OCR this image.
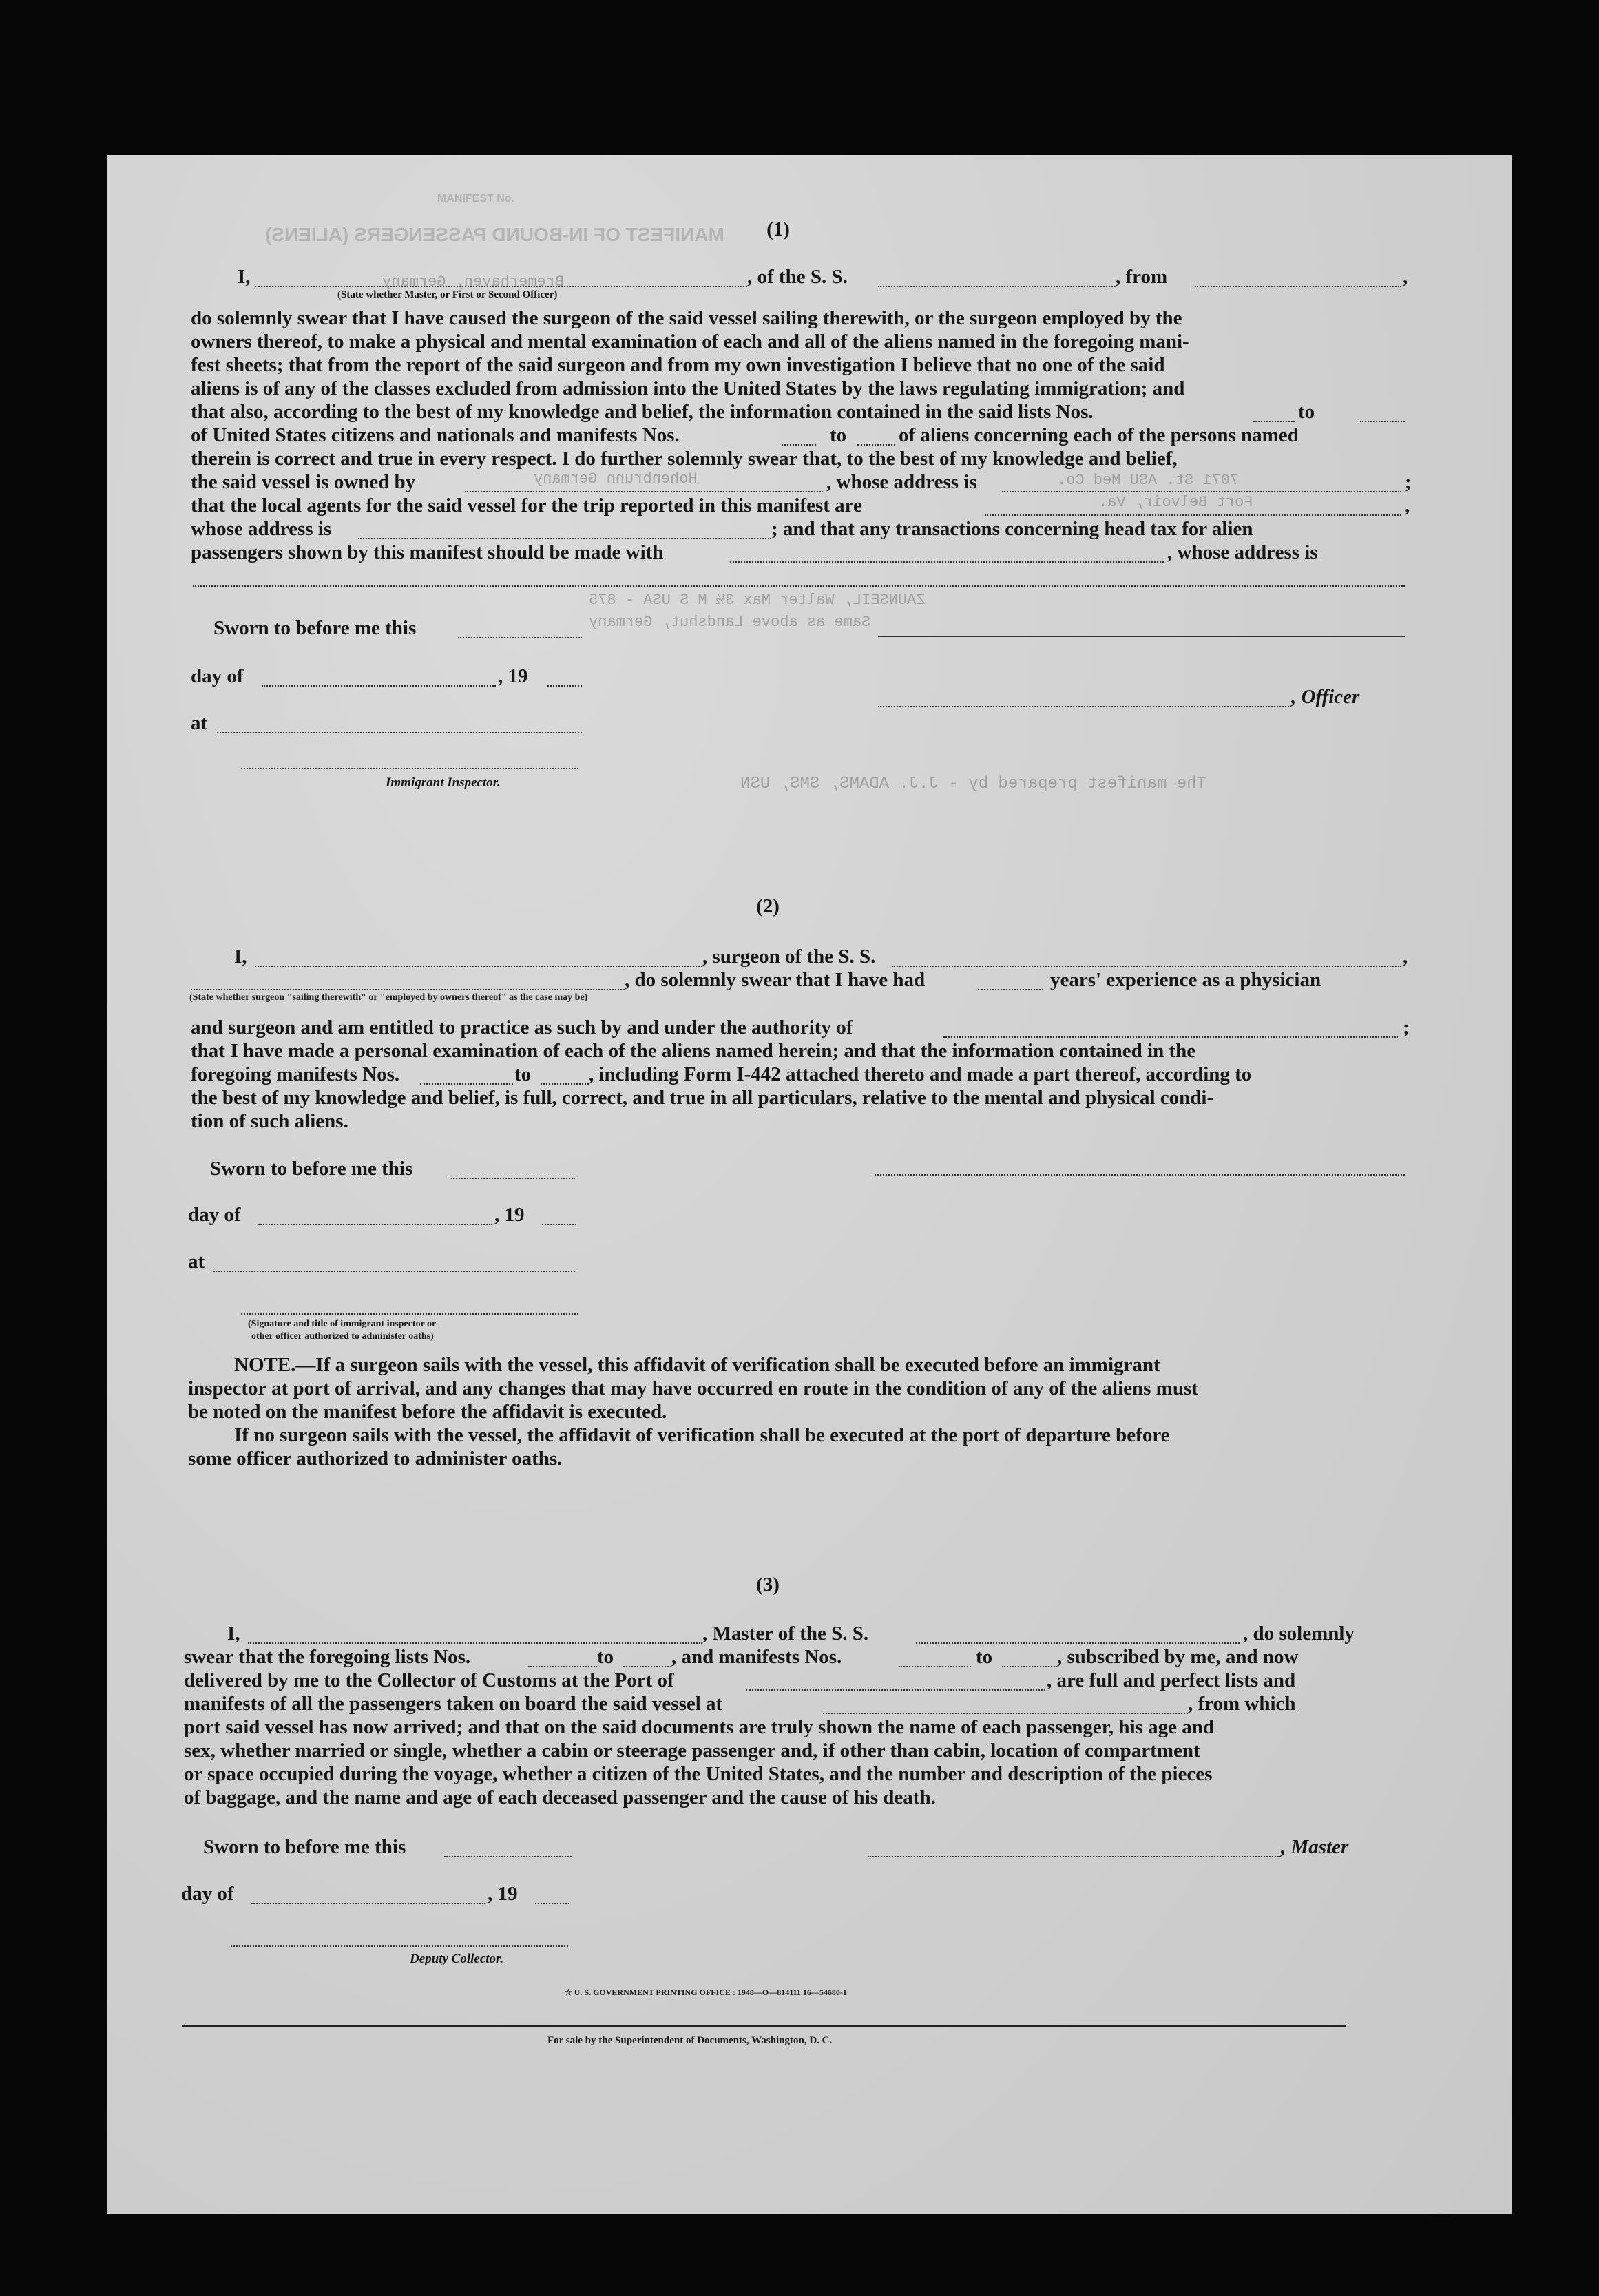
MANIFEST No.
MANIFEST OF IN-BOUND PASSENGERS (ALIENS)
Bremerhaven, Germany
Hohenbrunn Germany	7071 St. ASU Med Co.
Fort Belvoir, Va.
ZAUNSEIL, Walter Max 3½ M S USA - 875
Same as above Landshut, Germany
The manifest prepared by - J.J. ADAMS, SMS, USN
(1)
I,	, of the S. S.	, from	,
(State whether Master, or First or Second Officer)
do solemnly swear that I have caused the surgeon of the said vessel sailing therewith, or the surgeon employed by the
owners thereof, to make a physical and mental examination of each and all of the aliens named in the foregoing mani-
fest sheets; that from the report of the said surgeon and from my own investigation I believe that no one of the said
aliens is of any of the classes excluded from admission into the United States by the laws regulating immigration; and
that also, according to the best of my knowledge and belief, the information contained in the said lists Nos.	to
of United States citizens and nationals and manifests Nos.	to	of aliens concerning each of the persons named
therein is correct and true in every respect. I do further solemnly swear that, to the best of my knowledge and belief,
the said vessel is owned by	, whose address is	;
that the local agents for the said vessel for the trip reported in this manifest are	,
whose address is	; and that any transactions concerning head tax for alien
passengers shown by this manifest should be made with	, whose address is
Sworn to before me this
day of	, 19
, Officer
at
Immigrant Inspector.
(2)
I,	, surgeon of the S. S.	,
, do solemnly swear that I have had	years' experience as a physician
(State whether surgeon "sailing therewith" or "employed by owners thereof" as the case may be)
and surgeon and am entitled to practice as such by and under the authority of	;
that I have made a personal examination of each of the aliens named herein; and that the information contained in the
foregoing manifests Nos.	to	, including Form I-442 attached thereto and made a part thereof, according to
the best of my knowledge and belief, is full, correct, and true in all particulars, relative to the mental and physical condi-
tion of such aliens.
Sworn to before me this
day of	, 19
at
(Signature and title of immigrant inspector or
other officer authorized to administer oaths)
NOTE.—If a surgeon sails with the vessel, this affidavit of verification shall be executed before an immigrant
inspector at port of arrival, and any changes that may have occurred en route in the condition of any of the aliens must
be noted on the manifest before the affidavit is executed.
If no surgeon sails with the vessel, the affidavit of verification shall be executed at the port of departure before
some officer authorized to administer oaths.
(3)
I,	, Master of the S. S.	, do solemnly
swear that the foregoing lists Nos.	to	, and manifests Nos.	to	, subscribed by me, and now
delivered by me to the Collector of Customs at the Port of	, are full and perfect lists and
manifests of all the passengers taken on board the said vessel at	, from which
port said vessel has now arrived; and that on the said documents are truly shown the name of each passenger, his age and
sex, whether married or single, whether a cabin or steerage passenger and, if other than cabin, location of compartment
or space occupied during the voyage, whether a citizen of the United States, and the number and description of the pieces
of baggage, and the name and age of each deceased passenger and the cause of his death.
Sworn to before me this	, Master
day of	, 19
Deputy Collector.
☆ U. S. GOVERNMENT PRINTING OFFICE : 1948—O—814111 16—54680-1
For sale by the Superintendent of Documents, Washington, D. C.
